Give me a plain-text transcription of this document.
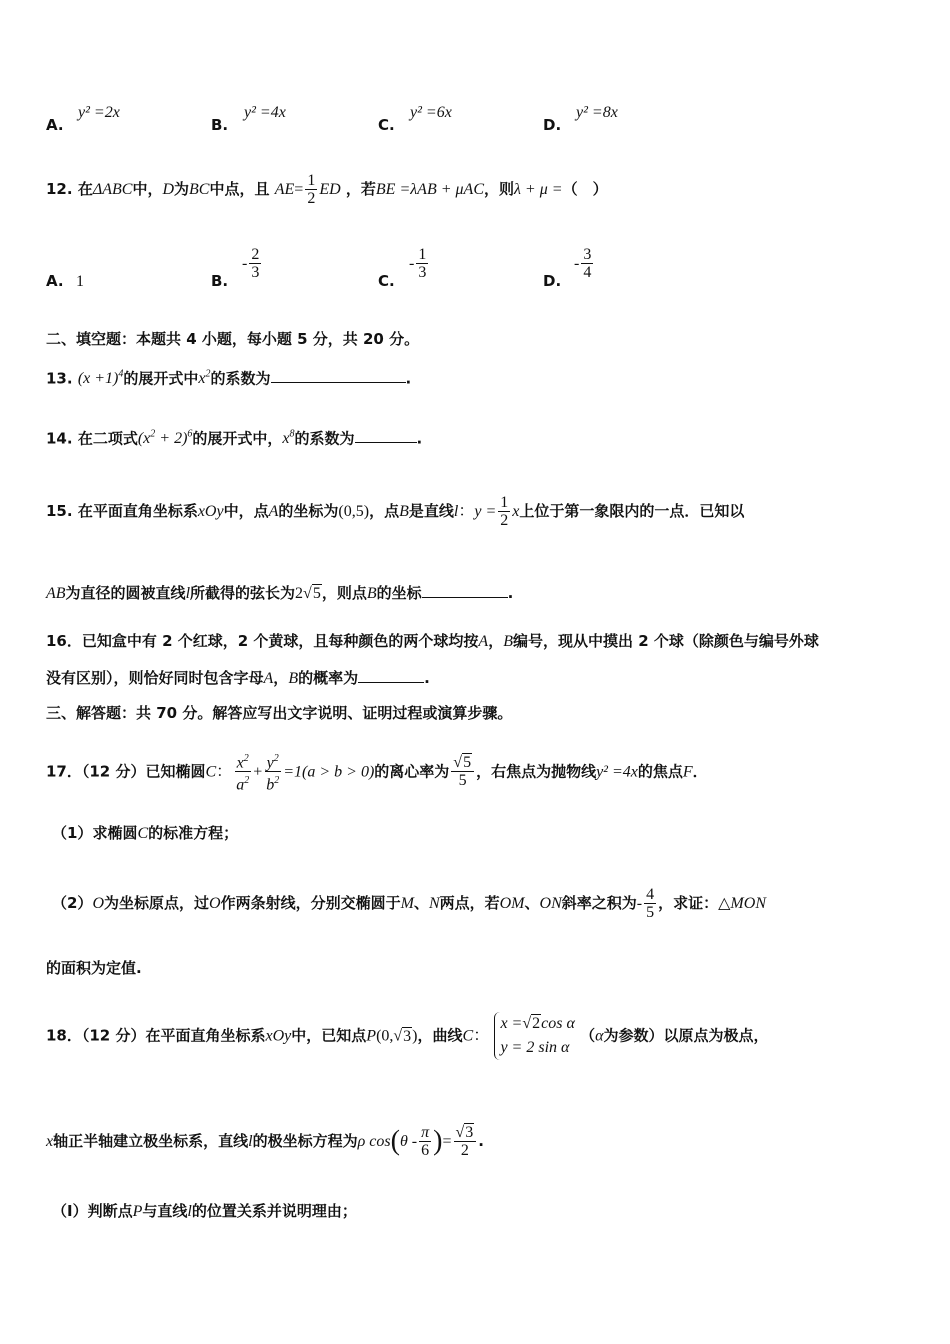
A.
y² =2x
B.
y² =4x
C.
y² =6x
D.
y² =8x
12. 在ΔABC中，D为BC中点，且 $AE= \frac{1}{2}$ ED ，若BE =λAB + μAC，则λ + μ =（　）
A. 1	B.
- $\frac{2}{3}$	C.
- $\frac{1}{3}$	D.
- $\frac{3}{4}$
二、填空题：本题共 4 小题，每小题 5 分，共 20 分。
13. $(x +1)^4$的展开式中$x^2$的系数为	.
14. 在二项式$(x^2 + 2)^6$的展开式中，$x^8$的系数为	.
15. 在平面直角坐标系xOy中，点A的坐标为(0,5)，点B是直线l：$y = \frac{1}{2}$ x上位于第一象限内的一点．已知以
AB为直径的圆被直线l所截得的弦长为2√5，则点B的坐标	.
16．已知盒中有 2 个红球，2 个黄球，且每种颜色的两个球均按A，B编号，现从中摸出 2 个球（除颜色与编号外球
没有区别），则恰好同时包含字母A，B的概率为	.
三、解答题：共 70 分。解答应写出文字说明、证明过程或演算步骤。
17．（12 分）已知椭圆C： $\frac{x^2}{a^2} + \frac{y^2}{b^2} =1(a > b > 0)$的离心率为 $\frac{√5}{5}$ ，右焦点为抛物线y² =4x的焦点F．
（1）求椭圆C的标准方程；
（2）O为坐标原点，过O作两条射线，分别交椭圆于M、N两点，若OM、ON斜率之积为- $\frac{4}{5}$ ，求证：△MON
的面积为定值.
18．（12 分）在平面直角坐标系xOy中，已知点P(0,√3)，曲线C：
x =√2cos α
y = 2 sin α
（α为参数）以原点为极点，
x轴正半轴建立极坐标系，直线l的极坐标方程为ρ $\cos(\theta - \frac{\pi}{6}$ )= $\frac{√3}{2}$ .
（Ⅰ）判断点P与直线l的位置关系并说明理由；
